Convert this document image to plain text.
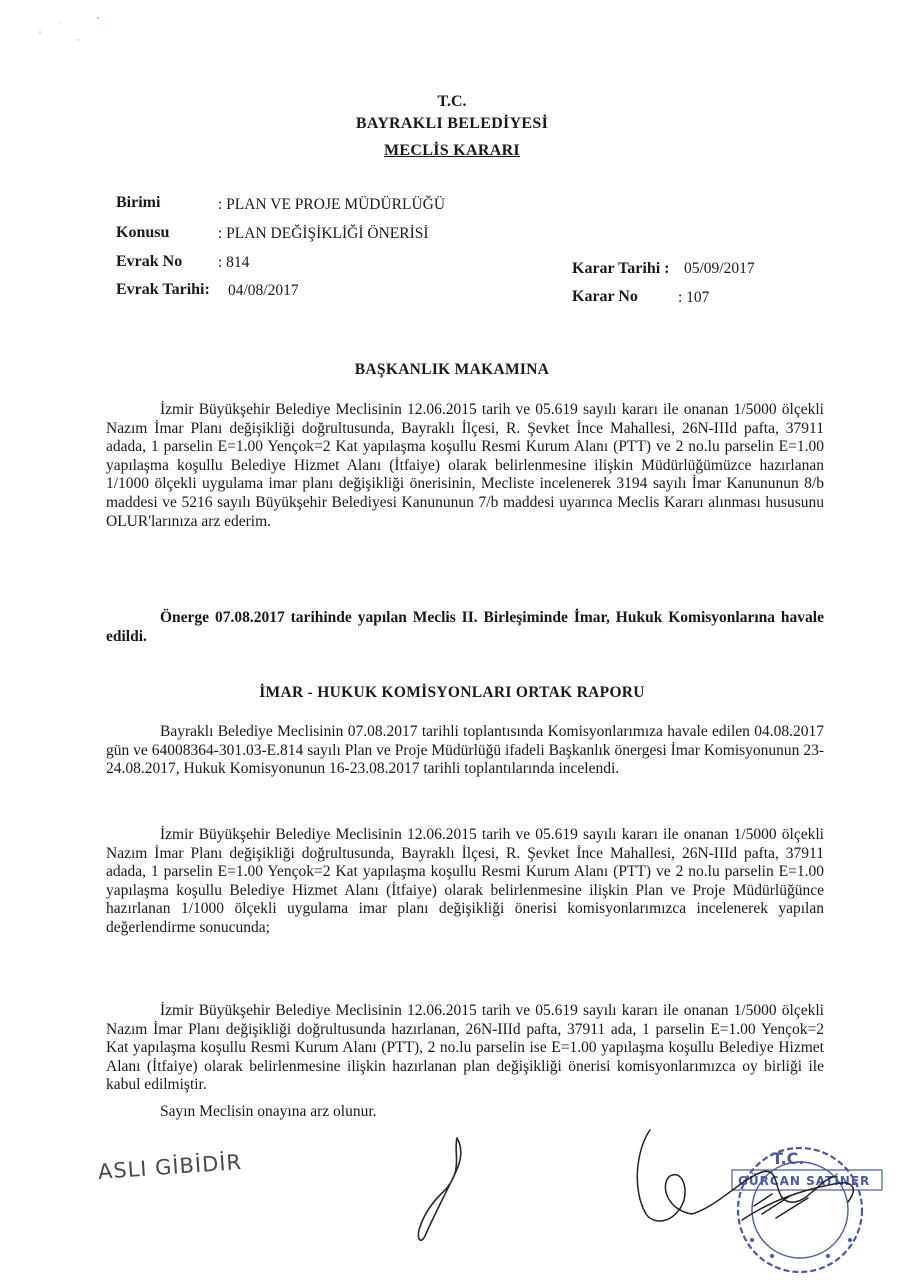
T.C.
BAYRAKLI BELEDİYESİ
MECLİS KARARI
Birimi	: PLAN VE PROJE MÜDÜRLÜĞÜ
Konusu	: PLAN DEĞİŞİKLİĞİ ÖNERİSİ
Evrak No : 814
Evrak Tarihi: 04/08/2017
Karar Tarihi : 05/09/2017
Karar No	: 107
BAŞKANLIK MAKAMINA

İzmir Büyükşehir Belediye Meclisinin 12.06.2015 tarih ve 05.619 sayılı kararı ile onanan 1/5000 ölçekli Nazım İmar Planı değişikliği doğrultusunda, Bayraklı İlçesi, R. Şevket İnce Mahallesi, 26N-IIId pafta, 37911 adada, 1 parselin E=1.00 Yençok=2 Kat yapılaşma koşullu Resmi Kurum Alanı (PTT) ve 2 no.lu parselin E=1.00 yapılaşma koşullu Belediye Hizmet Alanı (İtfaiye) olarak belirlenmesine ilişkin Müdürlüğümüzce hazırlanan 1/1000 ölçekli uygulama imar planı değişikliği önerisinin, Mecliste incelenerek 3194 sayılı İmar Kanununun 8/b maddesi ve 5216 sayılı Büyükşehir Belediyesi Kanununun 7/b maddesi uyarınca Meclis Kararı alınması hususunu OLUR'larınıza arz ederim.

Önerge 07.08.2017 tarihinde yapılan Meclis II. Birleşiminde İmar, Hukuk Komisyonlarına havale edildi.

İMAR - HUKUK KOMİSYONLARI ORTAK RAPORU

Bayraklı Belediye Meclisinin 07.08.2017 tarihli toplantısında Komisyonlarımıza havale edilen 04.08.2017 gün ve 64008364-301.03-E.814 sayılı Plan ve Proje Müdürlüğü ifadeli Başkanlık önergesi İmar Komisyonunun 23-24.08.2017, Hukuk Komisyonunun 16-23.08.2017 tarihli toplantılarında incelendi.

İzmir Büyükşehir Belediye Meclisinin 12.06.2015 tarih ve 05.619 sayılı kararı ile onanan 1/5000 ölçekli Nazım İmar Planı değişikliği doğrultusunda, Bayraklı İlçesi, R. Şevket İnce Mahallesi, 26N-IIId pafta, 37911 adada, 1 parselin E=1.00 Yençok=2 Kat yapılaşma koşullu Resmi Kurum Alanı (PTT) ve 2 no.lu parselin E=1.00 yapılaşma koşullu Belediye Hizmet Alanı (İtfaiye) olarak belirlenmesine ilişkin Plan ve Proje Müdürlüğünce hazırlanan 1/1000 ölçekli uygulama imar planı değişikliği önerisi komisyonlarımızca incelenerek yapılan değerlendirme sonucunda;

İzmir Büyükşehir Belediye Meclisinin 12.06.2015 tarih ve 05.619 sayılı kararı ile onanan 1/5000 ölçekli Nazım İmar Planı değişikliği doğrultusunda hazırlanan, 26N-IIId pafta, 37911 ada, 1 parselin E=1.00 Yençok=2 Kat yapılaşma koşullu Resmi Kurum Alanı (PTT), 2 no.lu parselin ise E=1.00 yapılaşma koşullu Belediye Hizmet Alanı (İtfaiye) olarak belirlenmesine ilişkin hazırlanan plan değişikliği önerisi komisyonlarımızca oy birliği ile kabul edilmiştir.

Sayın Meclisin onayına arz olunur.
ASLI GİBİDİR	GÜRCAN SATİNER
T.C.
